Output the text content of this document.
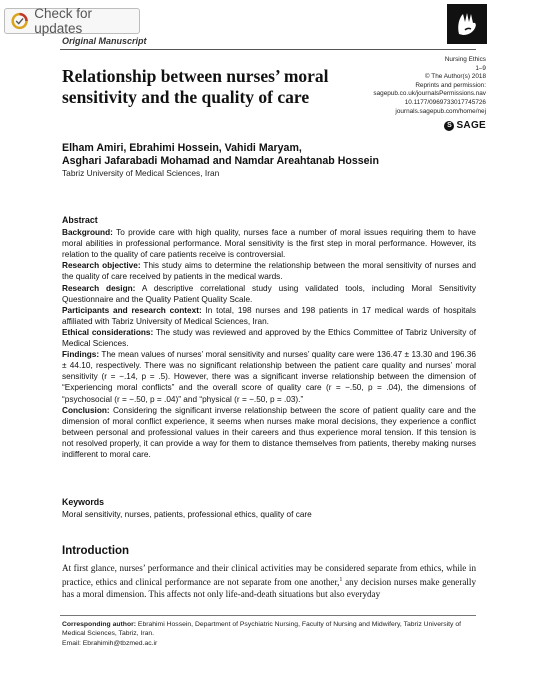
Check for updates
Original Manuscript
Nursing Ethics
1–9
© The Author(s) 2018
Reprints and permission:
sagepub.co.uk/journalsPermissions.nav
10.1177/0969733017745726
journals.sagepub.com/home/nej
S SAGE
Relationship between nurses’ moral sensitivity and the quality of care
Elham Amiri, Ebrahimi Hossein, Vahidi Maryam,
Asghari Jafarabadi Mohamad and Namdar Areahtanab Hossein
Tabriz University of Medical Sciences, Iran
Abstract

Background: To provide care with high quality, nurses face a number of moral issues requiring them to have moral abilities in professional performance. Moral sensitivity is the first step in moral performance. However, its relation to the quality of care patients receive is controversial.

Research objective: This study aims to determine the relationship between the moral sensitivity of nurses and the quality of care received by patients in the medical wards.

Research design: A descriptive correlational study using validated tools, including Moral Sensitivity Questionnaire and the Quality Patient Quality Scale.

Participants and research context: In total, 198 nurses and 198 patients in 17 medical wards of hospitals affiliated with Tabriz University of Medical Sciences, Iran.

Ethical considerations: The study was reviewed and approved by the Ethics Committee of Tabriz University of Medical Sciences.

Findings: The mean values of nurses’ moral sensitivity and nurses’ quality care were 136.47 ± 13.30 and 196.36 ± 44.10, respectively. There was no significant relationship between the patient care quality and nurses’ moral sensitivity (r = −.14, p = .5). However, there was a significant inverse relationship between the dimension of “Experiencing moral conflicts” and the overall score of quality care (r = −.50, p = .04), the dimensions of “psychosocial (r = −.50, p = .04)” and “physical (r = −.50, p = .03).”

Conclusion: Considering the significant inverse relationship between the score of patient quality care and the dimension of moral conflict experience, it seems when nurses make moral decisions, they experience a conflict between personal and professional values in their careers and thus experience moral tension. If this tension is not resolved properly, it can provide a way for them to distance themselves from patients, thereby making nurses indifferent to moral care.

Keywords
Moral sensitivity, nurses, patients, professional ethics, quality of care
Introduction

At first glance, nurses’ performance and their clinical activities may be considered separate from ethics, while in practice, ethics and clinical performance are not separate from one another,$^1$ any decision nurses make generally has a moral dimension. This affects not only life-and-death situations but also everyday

Corresponding author: Ebrahimi Hossein, Department of Psychiatric Nursing, Faculty of Nursing and Midwifery, Tabriz University of Medical Sciences, Tabriz, Iran.
Email: Ebrahimih@tbzmed.ac.ir
